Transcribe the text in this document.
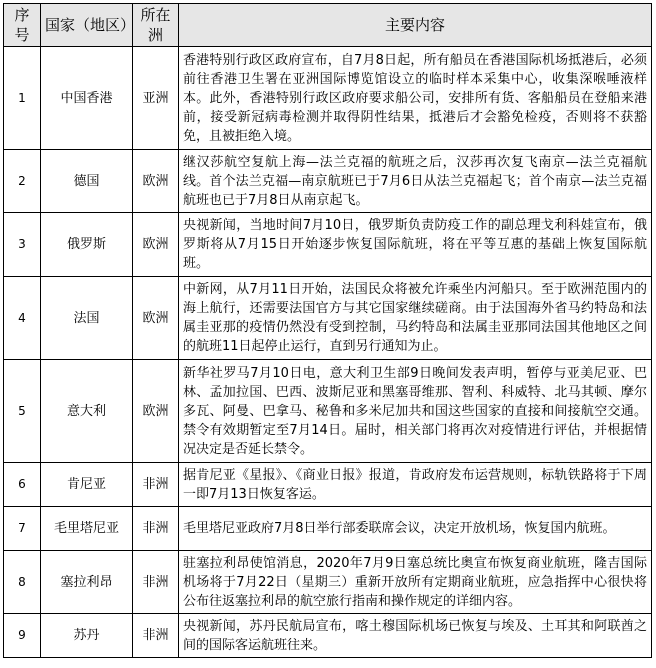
序号	国家（地区）	所在洲	主要内容
1	中国香港	亚洲	香港特别行政区政府宣布，自7月8日起，所有船员在香港国际机场抵港后，必须前往香港卫生署在亚洲国际博览馆设立的临时样本采集中心，收集深喉唾液样本。此外，香港特别行政区政府要求船公司，安排所有货、客船船员在登船来港前，接受新冠病毒检测并取得阴性结果，抵港后才会豁免检疫，否则将不获豁免，且被拒绝入境。
2	德国	欧洲	继汉莎航空复航上海—法兰克福的航班之后，汉莎再次复飞南京—法兰克福航线。首个法兰克福—南京航班已于7月6日从法兰克福起飞；首个南京—法兰克福航班也已于7月8日从南京起飞。
3	俄罗斯	欧洲	央视新闻，当地时间7月10日，俄罗斯负责防疫工作的副总理戈利科娃宣布，俄罗斯将从7月15日开始逐步恢复国际航班，将在平等互惠的基础上恢复国际航班。
4	法国	欧洲	中新网，从7月11日开始，法国民众将被允许乘坐内河船只。至于欧洲范围内的海上航行，还需要法国官方与其它国家继续磋商。由于法国海外省马约特岛和法属圭亚那的疫情仍然没有受到控制，马约特岛和法属圭亚那同法国其他地区之间的航班11日起停止运行，直到另行通知为止。
5	意大利	欧洲	新华社罗马7月10日电，意大利卫生部9日晚间发表声明，暂停与亚美尼亚、巴林、孟加拉国、巴西、波斯尼亚和黑塞哥维那、智利、科威特、北马其顿、摩尔多瓦、阿曼、巴拿马、秘鲁和多米尼加共和国这些国家的直接和间接航空交通。禁令有效期暂定至7月14日。届时，相关部门将再次对疫情进行评估，并根据情况决定是否延长禁令。
6	肯尼亚	非洲	据肯尼亚《星报》、《商业日报》报道，肯政府发布运营规则，标轨铁路将于下周一即7月13日恢复客运。
7	毛里塔尼亚	非洲	毛里塔尼亚政府7月8日举行部委联席会议，决定开放机场，恢复国内航班。
8	塞拉利昂	非洲	驻塞拉利昂使馆消息，2020年7月9日塞总统比奥宣布恢复商业航班，隆吉国际机场将于7月22日（星期三）重新开放所有定期商业航班，应急指挥中心很快将公布往返塞拉利昂的航空旅行指南和操作规定的详细内容。
9	苏丹	非洲	央视新闻，苏丹民航局宣布，喀土穆国际机场已恢复与埃及、土耳其和阿联酋之间的国际客运航班往来。
